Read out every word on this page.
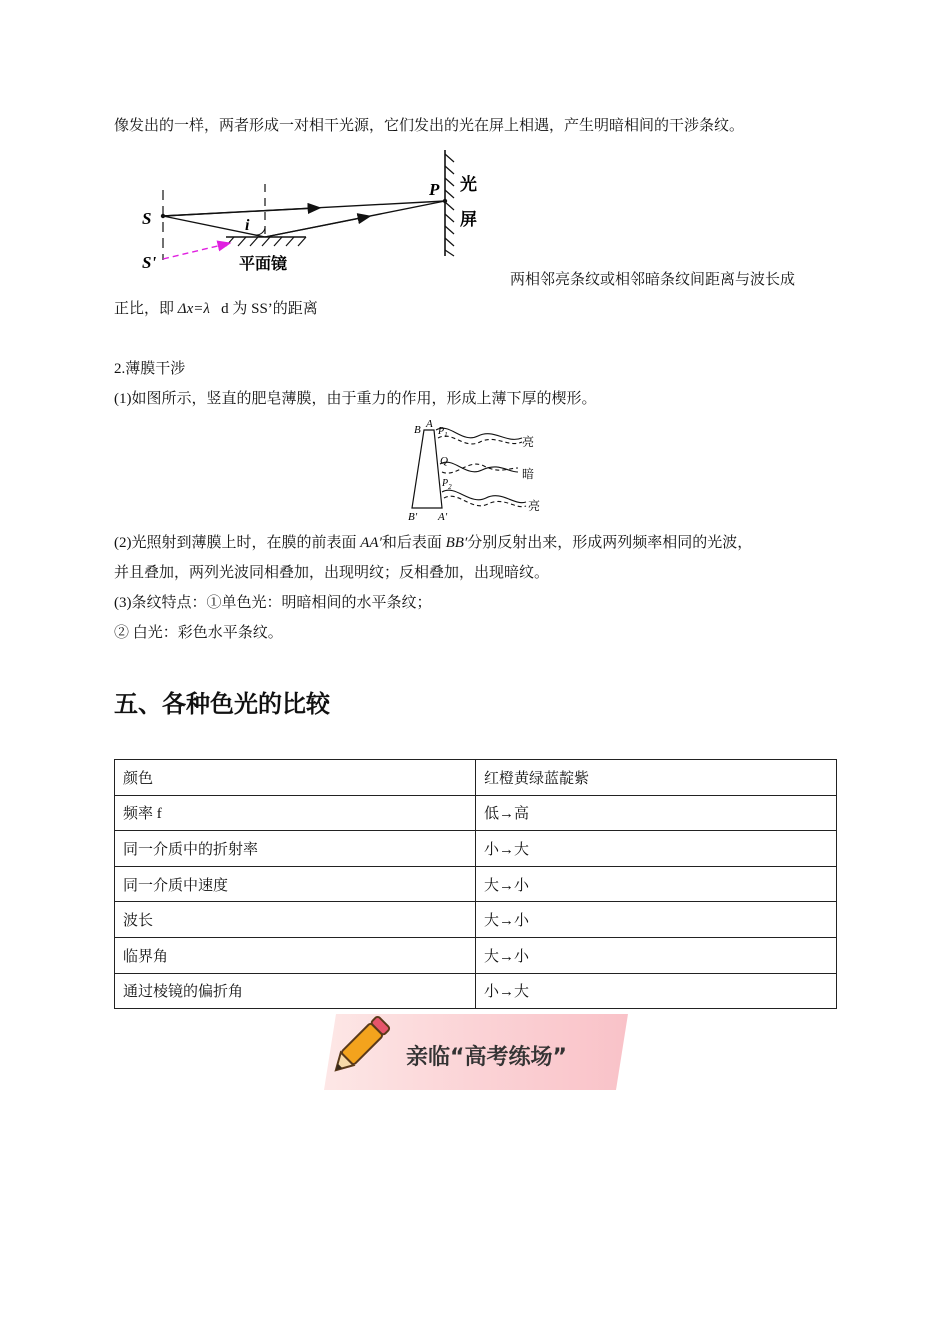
像发出的一样，两者形成一对相干光源，它们发出的光在屏上相遇，产生明暗相间的干涉条纹。
S
S'
P
i
光
屏
平面镜
两相邻亮条纹或相邻暗条纹间距离与波长成
正比，即 Δx=λ d 为 SS’的距离
2.薄膜干涉
(1)如图所示，竖直的肥皂薄膜，由于重力的作用，形成上薄下厚的楔形。
B A
$P_1$
Q
$P_2$
B′ A′
亮
暗
亮
(2)光照射到薄膜上时，在膜的前表面 AA′和后表面 BB′分别反射出来，形成两列频率相同的光波，
并且叠加，两列光波同相叠加，出现明纹；反相叠加，出现暗纹。
(3)条纹特点：①单色光：明暗相间的水平条纹；
② 白光：彩色水平条纹。
五、各种色光的比较
颜色	红橙黄绿蓝靛紫
频率 f	低→高
同一介质中的折射率	小→大
同一介质中速度	大→小
波长	大→小
临界角	大→小
通过棱镜的偏折角	小→大
亲临“高考练场”
